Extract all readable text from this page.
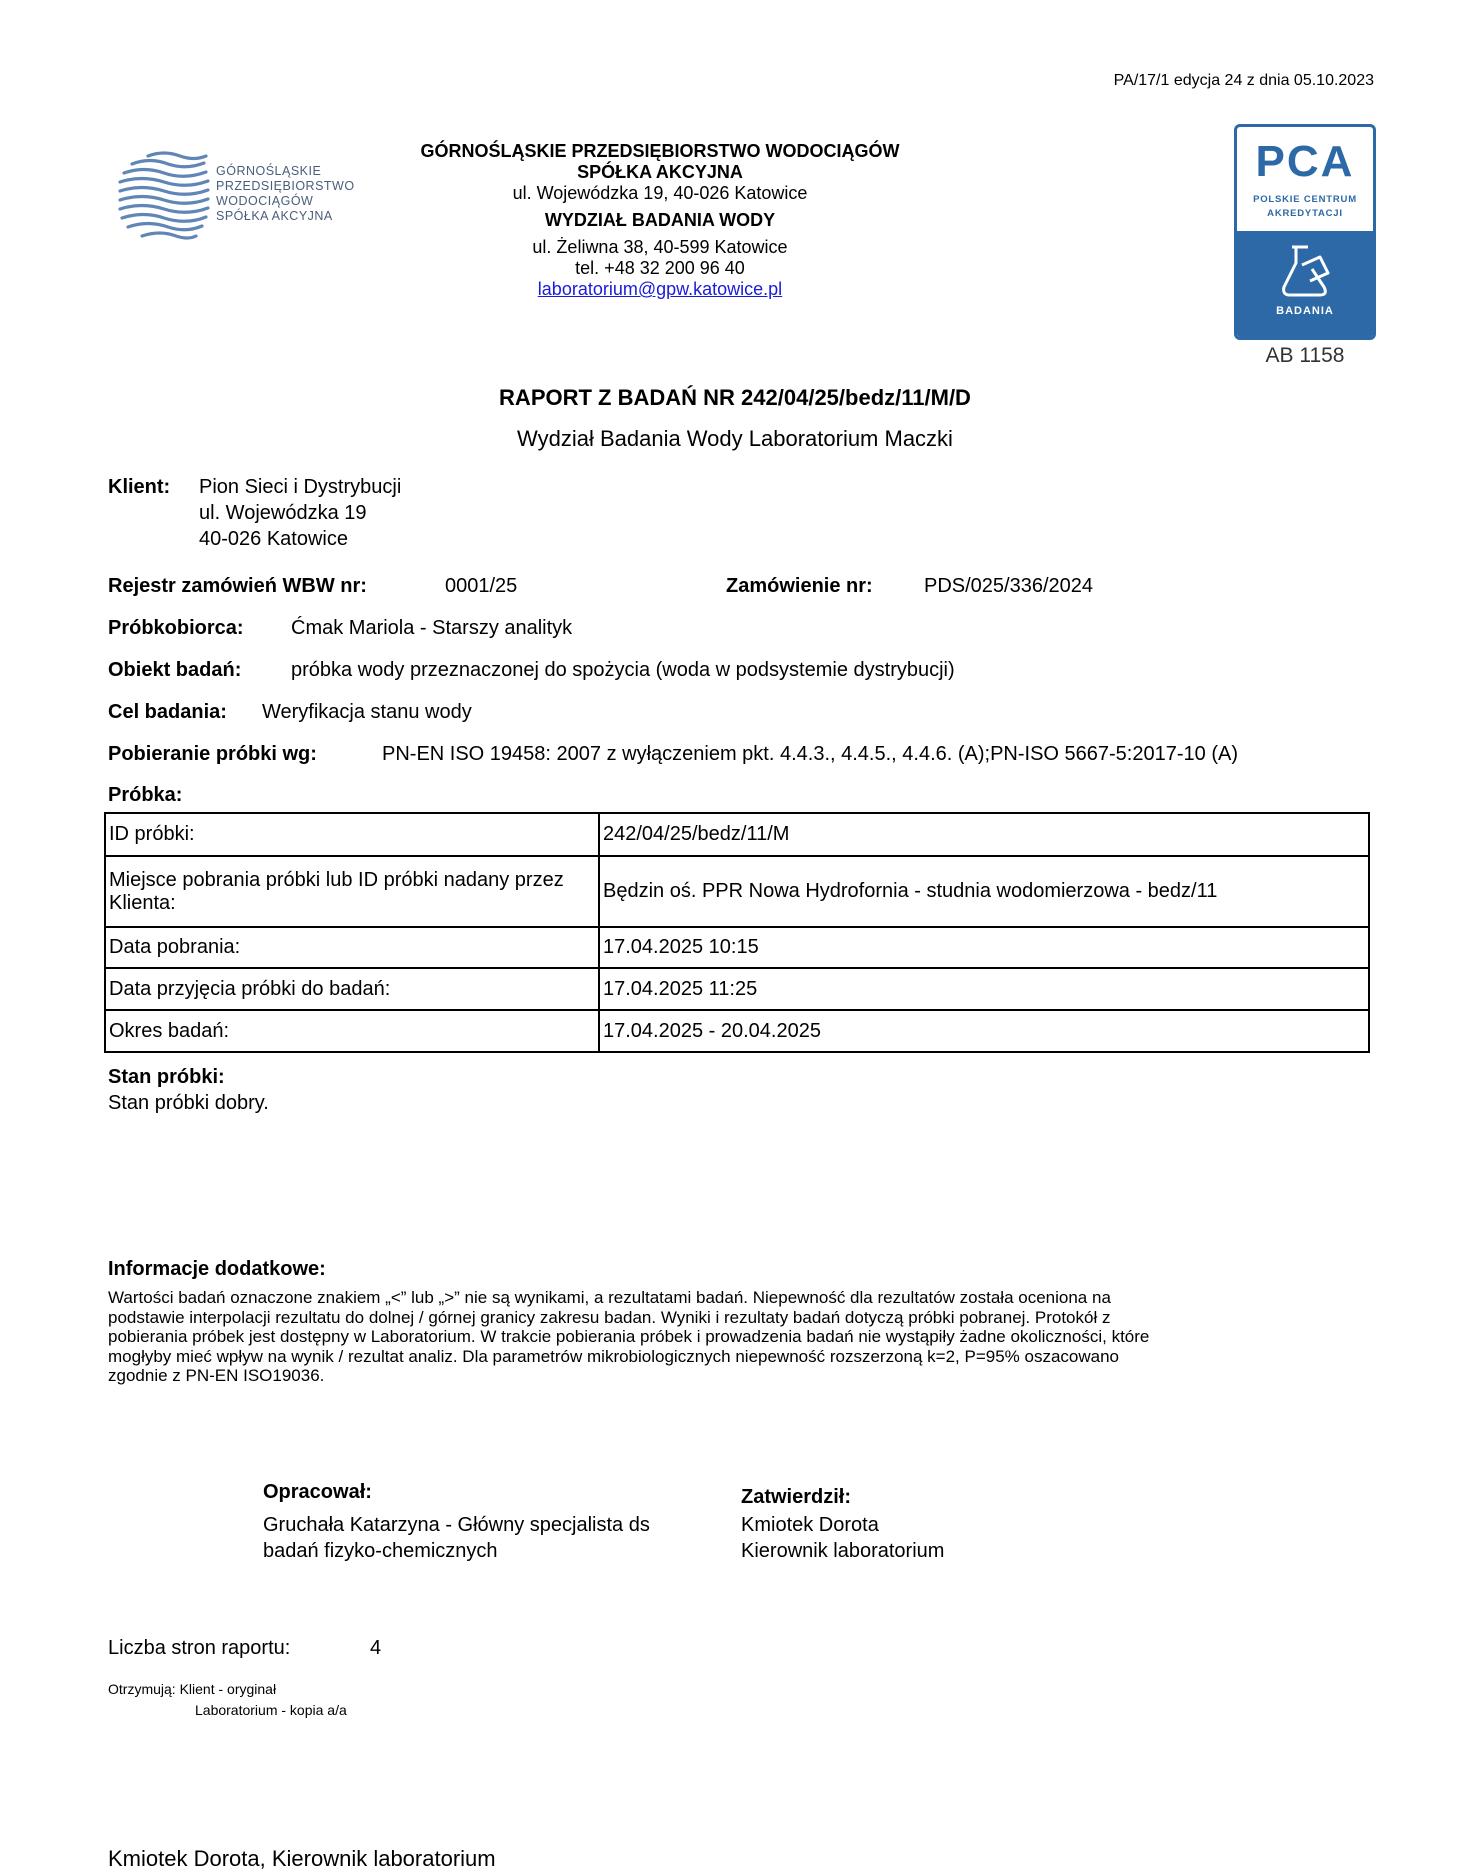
PA/17/1 edycja 24 z dnia 05.10.2023
GÓRNOŚLĄSKIE
PRZEDSIĘBIORSTWO
WODOCIĄGÓW
SPÓŁKA AKCYJNA
GÓRNOŚLĄSKIE PRZEDSIĘBIORSTWO WODOCIĄGÓW
SPÓŁKA AKCYJNA
ul. Wojewódzka 19, 40-026 Katowice
WYDZIAŁ BADANIA WODY
ul. Żeliwna 38, 40-599 Katowice
tel. +48 32 200 96 40
laboratorium@gpw.katowice.pl
PCA
POLSKIE CENTRUM
AKREDYTACJI
BADANIA
AB 1158
RAPORT Z BADAŃ NR 242/04/25/bedz/11/M/D
Wydział Badania Wody Laboratorium Maczki
Klient: Pion Sieci i Dystrybucji
ul. Wojewódzka 19
40-026 Katowice
Rejestr zamówień WBW nr:	0001/25	Zamówienie nr:	PDS/025/336/2024
Próbkobiorca: Ćmak Mariola - Starszy analityk
Obiekt badań: próbka wody przeznaczonej do spożycia (woda w podsystemie dystrybucji)
Cel badania: Weryfikacja stanu wody
Pobieranie próbki wg:	PN-EN ISO 19458: 2007 z wyłączeniem pkt. 4.4.3., 4.4.5., 4.4.6. (A);PN-ISO 5667-5:2017-10 (A)
Próbka:
ID próbki:	242/04/25/bedz/11/M
Miejsce pobrania próbki lub ID próbki nadany przez Klienta:	Będzin oś. PPR Nowa Hydrofornia - studnia wodomierzowa - bedz/11
Data pobrania:	17.04.2025 10:15
Data przyjęcia próbki do badań:	17.04.2025 11:25
Okres badań:	17.04.2025 - 20.04.2025
Stan próbki:
Stan próbki dobry.
Informacje dodatkowe:
Wartości badań oznaczone znakiem „<” lub „>” nie są wynikami, a rezultatami badań. Niepewność dla rezultatów została oceniona na
podstawie interpolacji rezultatu do dolnej / górnej granicy zakresu badan. Wyniki i rezultaty badań dotyczą próbki pobranej. Protokół z
pobierania próbek jest dostępny w Laboratorium. W trakcie pobierania próbek i prowadzenia badań nie wystąpiły żadne okoliczności, które
mogłyby mieć wpływ na wynik / rezultat analiz. Dla parametrów mikrobiologicznych niepewność rozszerzoną k=2, P=95% oszacowano
zgodnie z PN-EN ISO19036.
Opracował:
Gruchała Katarzyna - Główny specjalista ds
badań fizyko-chemicznych
Zatwierdził:
Kmiotek Dorota
Kierownik laboratorium
Liczba stron raportu:	4
Otrzymują: Klient - oryginał
Laboratorium - kopia a/a
Kmiotek Dorota, Kierownik laboratorium
